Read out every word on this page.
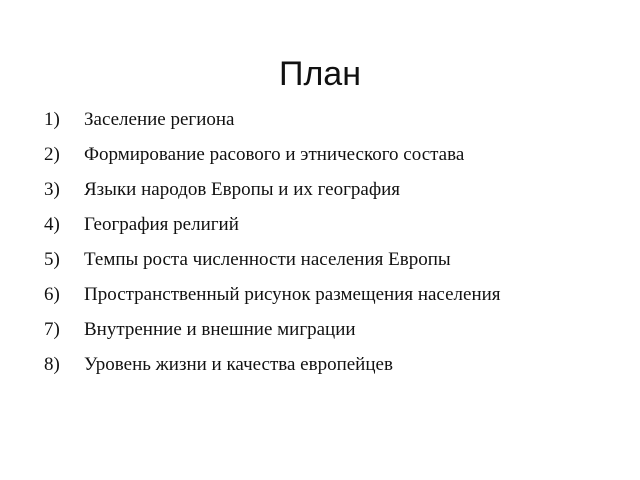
План
1)	Заселение региона
2)	Формирование расового и этнического состава
3)	Языки народов Европы и их география
4)	География религий
5)	Темпы роста численности населения Европы
6)	Пространственный рисунок размещения населения
7)	Внутренние и внешние миграции
8)	Уровень жизни и качества европейцев
